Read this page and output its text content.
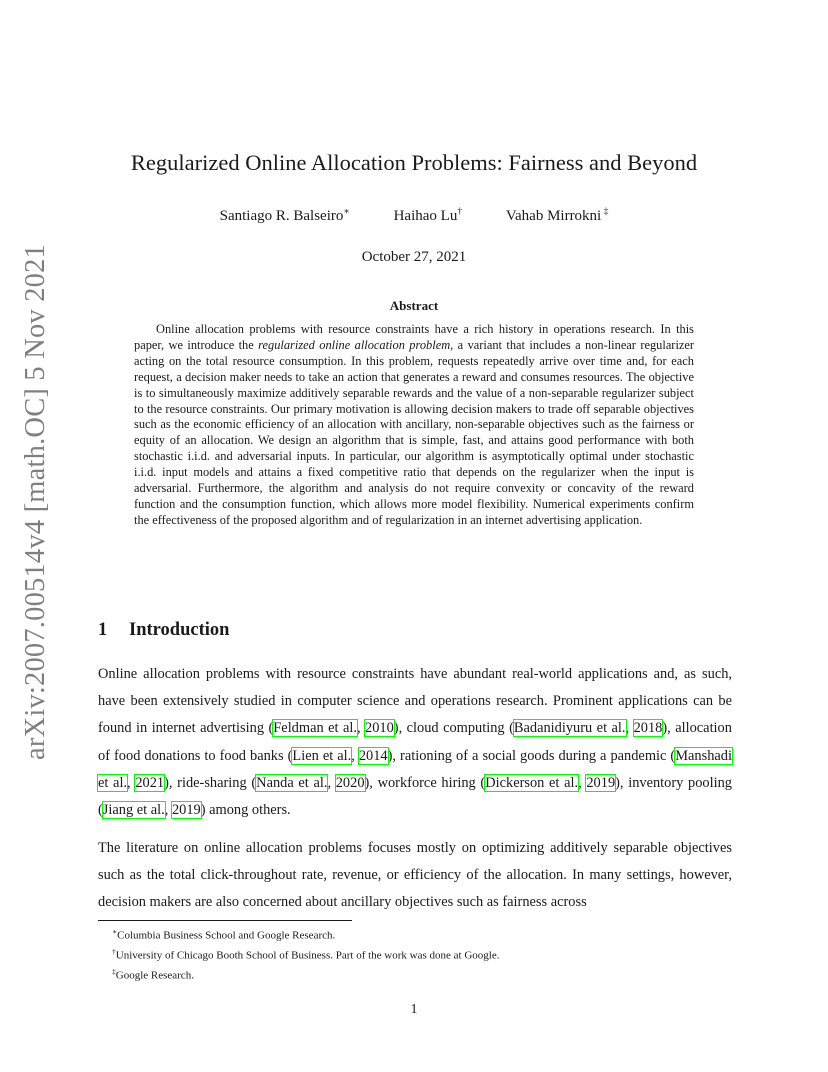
arXiv:2007.00514v4 [math.OC] 5 Nov 2021
Regularized Online Allocation Problems: Fairness and Beyond
Santiago R. Balseiro∗	Haihao Lu†	Vahab Mirrokni ‡
October 27, 2021
Abstract

Online allocation problems with resource constraints have a rich history in operations research. In this paper, we introduce the regularized online allocation problem, a variant that includes a non-linear regularizer acting on the total resource consumption. In this problem, requests repeatedly arrive over time and, for each request, a decision maker needs to take an action that generates a reward and consumes resources. The objective is to simultaneously maximize additively separable rewards and the value of a non-separable regularizer subject to the resource constraints. Our primary motivation is allowing decision makers to trade off separable objectives such as the economic efficiency of an allocation with ancillary, non-separable objectives such as the fairness or equity of an allocation. We design an algorithm that is simple, fast, and attains good performance with both stochastic i.i.d. and adversarial inputs. In particular, our algorithm is asymptotically optimal under stochastic i.i.d. input models and attains a fixed competitive ratio that depends on the regularizer when the input is adversarial. Furthermore, the algorithm and analysis do not require convexity or concavity of the reward function and the consumption function, which allows more model flexibility. Numerical experiments confirm the effectiveness of the proposed algorithm and of regularization in an internet advertising application.

1 Introduction

Online allocation problems with resource constraints have abundant real-world applications and, as such, have been extensively studied in computer science and operations research. Prominent applications can be found in internet advertising (Feldman et al., 2010), cloud computing (Badanidiyuru et al., 2018), allocation of food donations to food banks (Lien et al., 2014), rationing of a social goods during a pandemic (Manshadi et al., 2021), ride-sharing (Nanda et al., 2020), workforce hiring (Dickerson et al., 2019), inventory pooling (Jiang et al., 2019) among others.

The literature on online allocation problems focuses mostly on optimizing additively separable objectives such as the total click-throughout rate, revenue, or efficiency of the allocation. In many settings, however, decision makers are also concerned about ancillary objectives such as fairness across

∗Columbia Business School and Google Research.
†University of Chicago Booth School of Business. Part of the work was done at Google.
‡Google Research.
1
